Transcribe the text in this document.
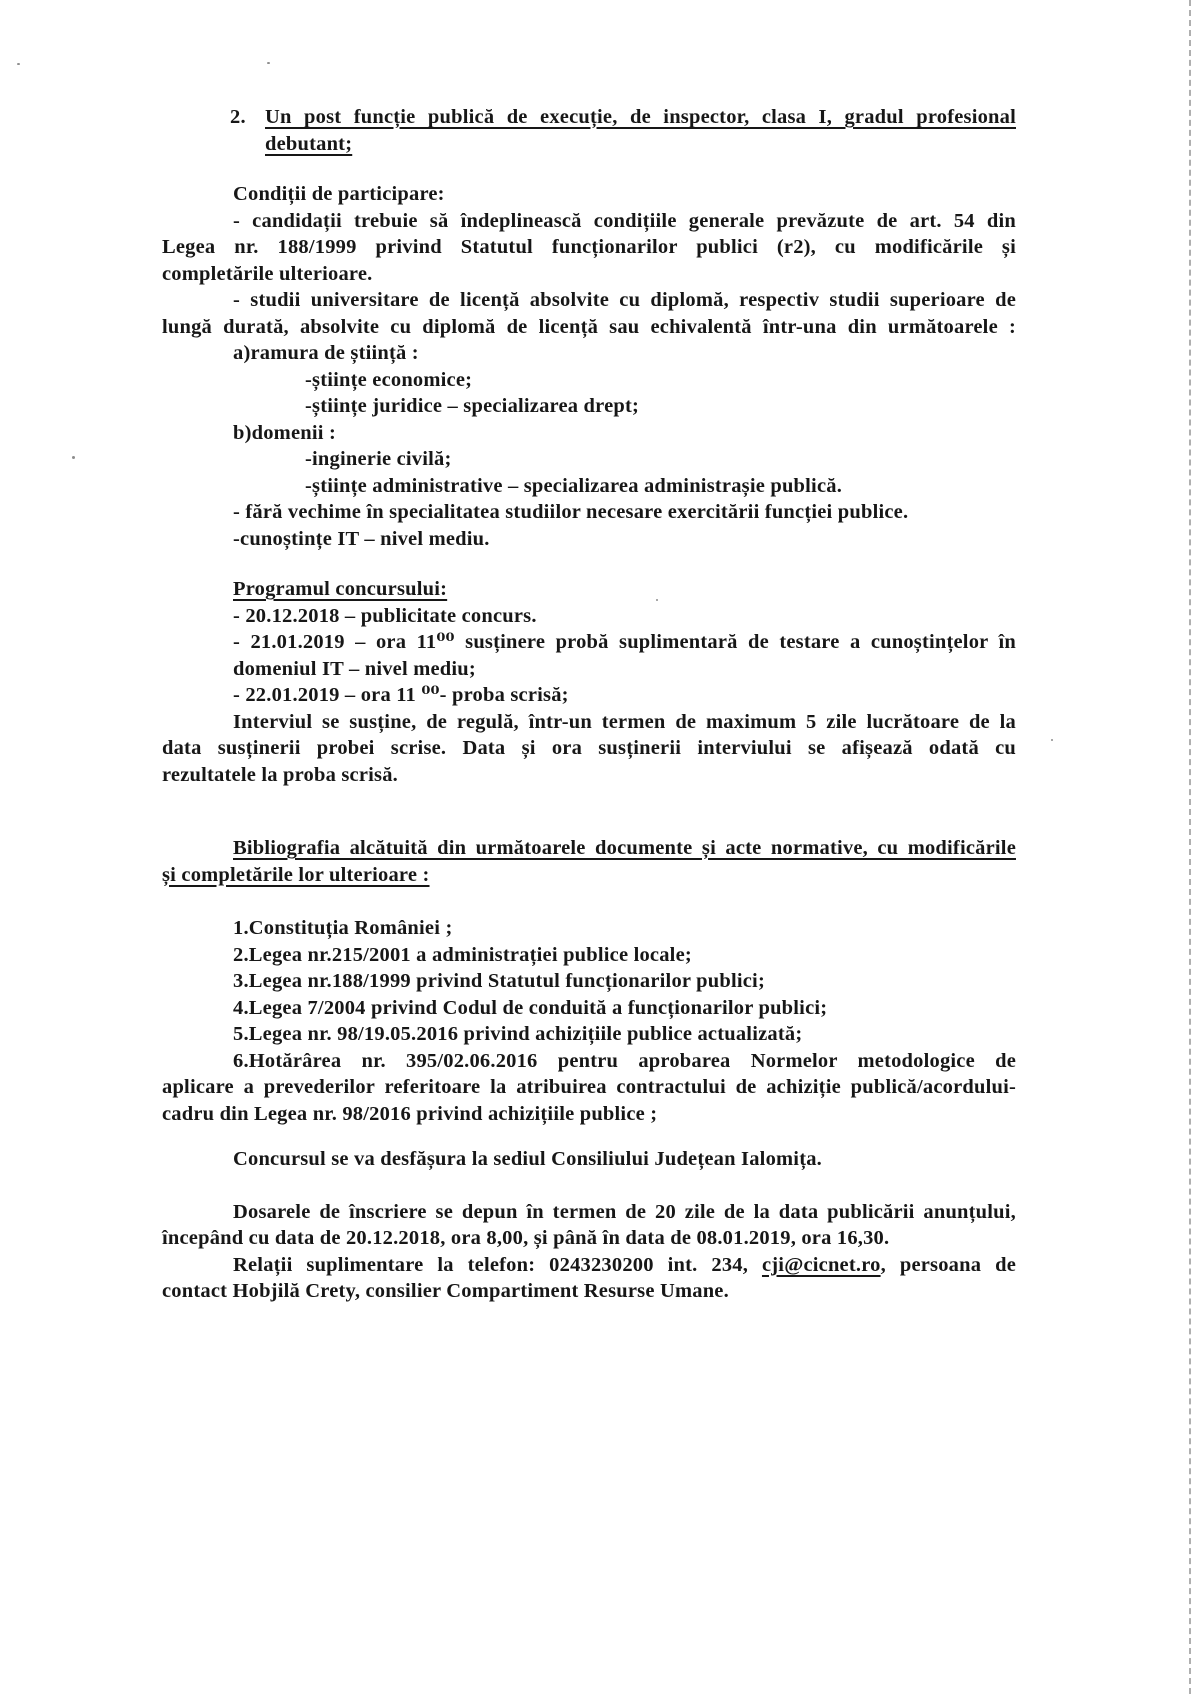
2. Un post funcție publică de execuție, de inspector, clasa I, gradul profesional
debutant;
Condiții de participare:
- candidații trebuie să îndeplinească condițiile generale prevăzute de art. 54 din
Legea nr. 188/1999 privind Statutul funcționarilor publici (r2), cu modificările și
completările ulterioare.
- studii universitare de licență absolvite cu diplomă, respectiv studii superioare de
lungă durată, absolvite cu diplomă de licență sau echivalentă într-una din următoarele :
a)ramura de știință :
-științe economice;
-științe juridice – specializarea drept;
b)domenii :
-inginerie civilă;
-științe administrative – specializarea administrașie publică.
- fără vechime în specialitatea studiilor necesare exercitării funcției publice.
-cunoștințe IT – nivel mediu.
Programul concursului:
- 20.12.2018 – publicitate concurs.
- 21.01.2019 – ora 11⁰⁰ susținere probă suplimentară de testare a cunoștințelor în
domeniul IT – nivel mediu;
- 22.01.2019 – ora 11 ⁰⁰- proba scrisă;
Interviul se susține, de regulă, într-un termen de maximum 5 zile lucrătoare de la
data susținerii probei scrise. Data și ora susținerii interviului se afișează odată cu
rezultatele la proba scrisă.
Bibliografia alcătuită din următoarele documente și acte normative, cu modificările
și completările lor ulterioare :
1.Constituția României ;
2.Legea nr.215/2001 a administrației publice locale;
3.Legea nr.188/1999 privind Statutul funcționarilor publici;
4.Legea 7/2004 privind Codul de conduită a funcționarilor publici;
5.Legea nr. 98/19.05.2016 privind achizițiile publice actualizată;
6.Hotărârea nr. 395/02.06.2016 pentru aprobarea Normelor metodologice de
aplicare a prevederilor referitoare la atribuirea contractului de achiziție publică/acordului-
cadru din Legea nr. 98/2016 privind achizițiile publice ;
Concursul se va desfășura la sediul Consiliului Județean Ialomița.
Dosarele de înscriere se depun în termen de 20 zile de la data publicării anunțului,
începând cu data de 20.12.2018, ora 8,00, și până în data de 08.01.2019, ora 16,30.
Relații suplimentare la telefon: 0243230200 int. 234, cji@cicnet.ro, persoana de
contact Hobjilă Crety, consilier Compartiment Resurse Umane.
